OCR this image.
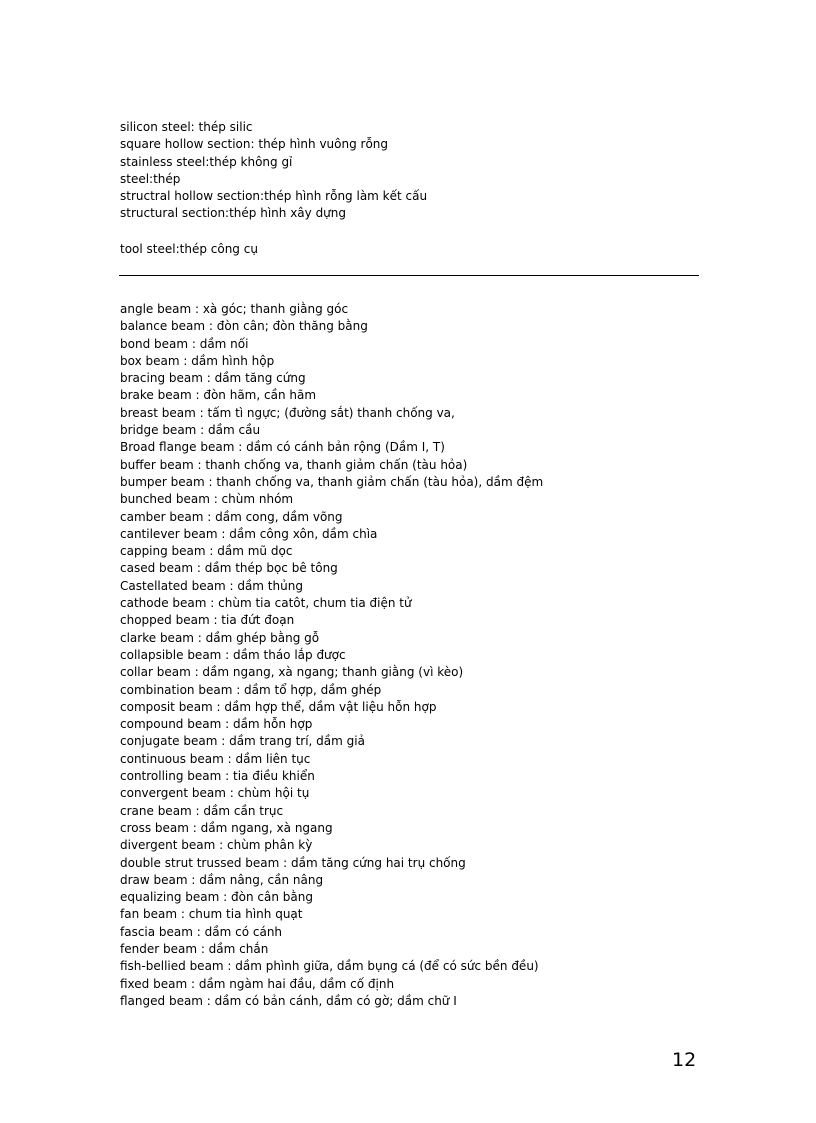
silicon steel: thép silic
square hollow section: thép hình vuông rỗng
stainless steel:thép không gỉ
steel:thép
structral hollow section:thép hình rỗng làm kết cấu
structural section:thép hình xây dựng
tool steel:thép công cụ
angle beam : xà góc; thanh giằng góc
balance beam : đòn cân; đòn thăng bằng
bond beam : dầm nối
box beam : dầm hình hộp
bracing beam : dầm tăng cứng
brake beam : đòn hãm, cần hãm
breast beam : tấm tì ngực; (đường sắt) thanh chống va,
bridge beam : dầm cầu
Broad flange beam : dầm có cánh bản rộng (Dầm I, T)
buffer beam : thanh chống va, thanh giảm chấn (tàu hỏa)
bumper beam : thanh chống va, thanh giảm chấn (tàu hỏa), dầm đệm
bunched beam : chùm nhóm
camber beam : dầm cong, dầm võng
cantilever beam : dầm công xôn, dầm chìa
capping beam : dầm mũ dọc
cased beam : dầm thép bọc bê tông
Castellated beam : dầm thủng
cathode beam : chùm tia catôt, chum tia điện tử
chopped beam : tia đứt đoạn
clarke beam : dầm ghép bằng gỗ
collapsible beam : dầm tháo lắp được
collar beam : dầm ngang, xà ngang; thanh giằng (vì kèo)
combination beam : dầm tổ hợp, dầm ghép
composit beam : dầm hợp thể, dầm vật liệu hỗn hợp
compound beam : dầm hỗn hợp
conjugate beam : dầm trang trí, dầm giả
continuous beam : dầm liên tục
controlling beam : tia điều khiển
convergent beam : chùm hội tụ
crane beam : dầm cần trục
cross beam : dầm ngang, xà ngang
divergent beam : chùm phân kỳ
double strut trussed beam : dầm tăng cứng hai trụ chống
draw beam : dầm nâng, cần nâng
equalizing beam : đòn cân bằng
fan beam : chum tia hình quạt
fascia beam : dầm có cánh
fender beam : dầm chắn
fish-bellied beam : dầm phình giữa, dầm bụng cá (để có sức bền đều)
fixed beam : dầm ngàm hai đầu, dầm cố định
flanged beam : dầm có bản cánh, dầm có gờ; dầm chữ I
12
